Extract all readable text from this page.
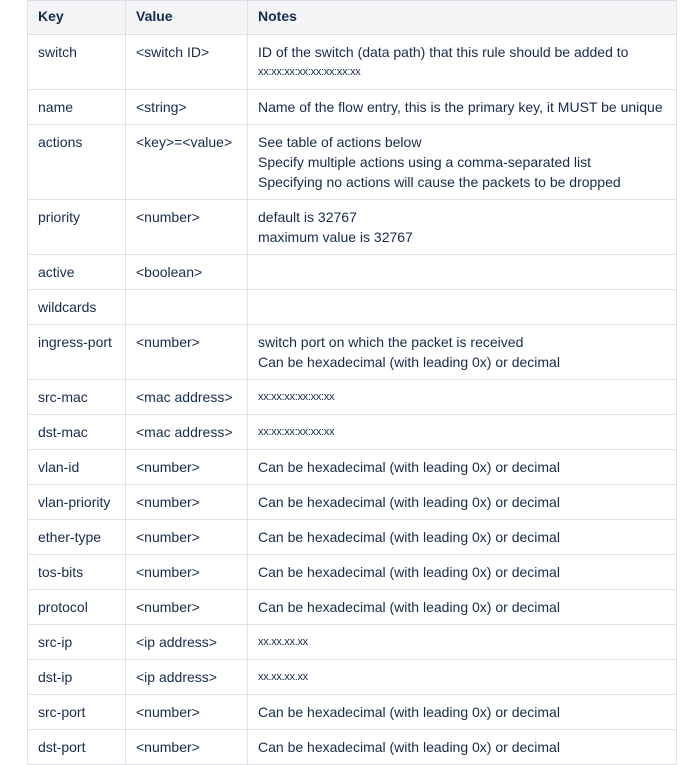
Key	Value	Notes
switch	<switch ID>	ID of the switch (data path) that this rule should be added to
xx:xx:xx:xx:xx:xx:xx:xx

name	<string>	Name of the flow entry, this is the primary key, it MUST be unique

actions	<key>=<value>	See table of actions below
Specify multiple actions using a comma-separated list
Specifying no actions will cause the packets to be dropped

priority	<number>	default is 32767
maximum value is 32767

active	<boolean>	
wildcards		
ingress-port	<number>	switch port on which the packet is received
Can be hexadecimal (with leading 0x) or decimal

src-mac	<mac address>	xx:xx:xx:xx:xx:xx

dst-mac	<mac address>	xx:xx:xx:xx:xx:xx

vlan-id	<number>	Can be hexadecimal (with leading 0x) or decimal

vlan-priority	<number>	Can be hexadecimal (with leading 0x) or decimal

ether-type	<number>	Can be hexadecimal (with leading 0x) or decimal

tos-bits	<number>	Can be hexadecimal (with leading 0x) or decimal

protocol	<number>	Can be hexadecimal (with leading 0x) or decimal

src-ip	<ip address>	xx.xx.xx.xx

dst-ip	<ip address>	xx.xx.xx.xx

src-port	<number>	Can be hexadecimal (with leading 0x) or decimal

dst-port	<number>	Can be hexadecimal (with leading 0x) or decimal
